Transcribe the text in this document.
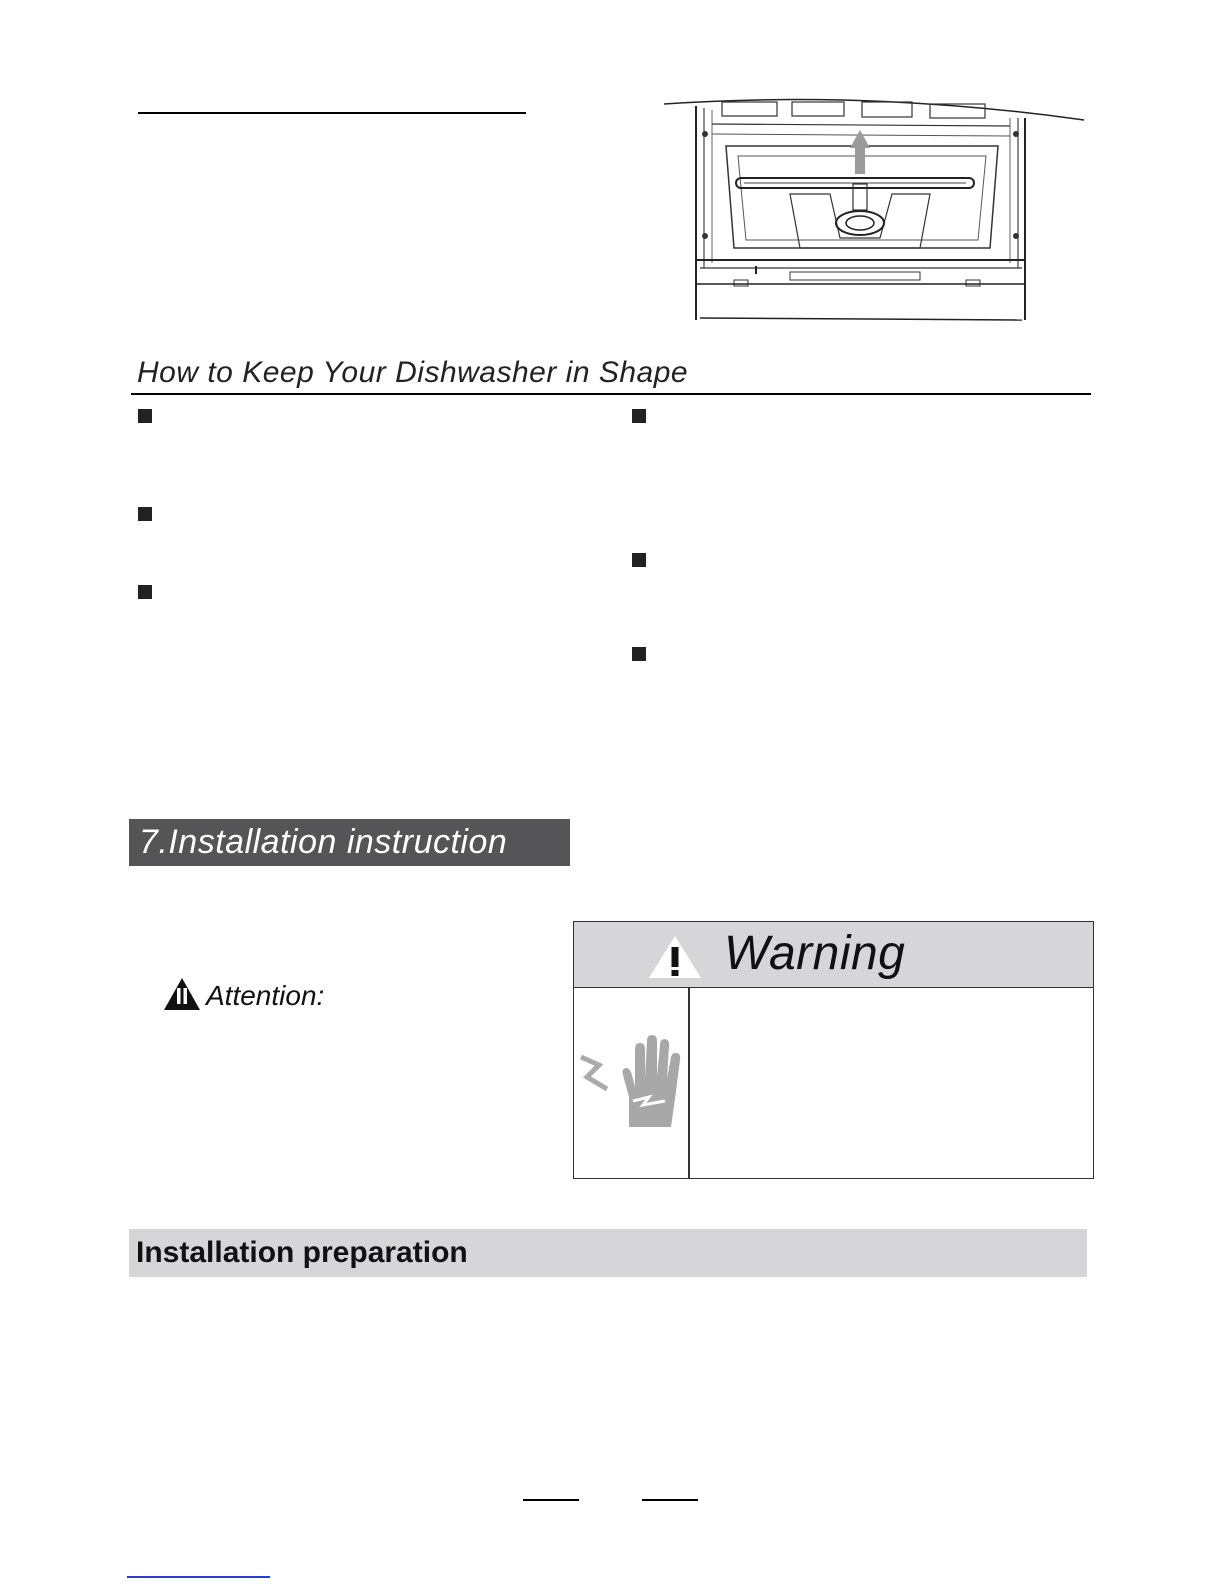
How to Keep Your Dishwasher in Shape
7.Installation instruction
Attention:
Warning
Installation preparation
